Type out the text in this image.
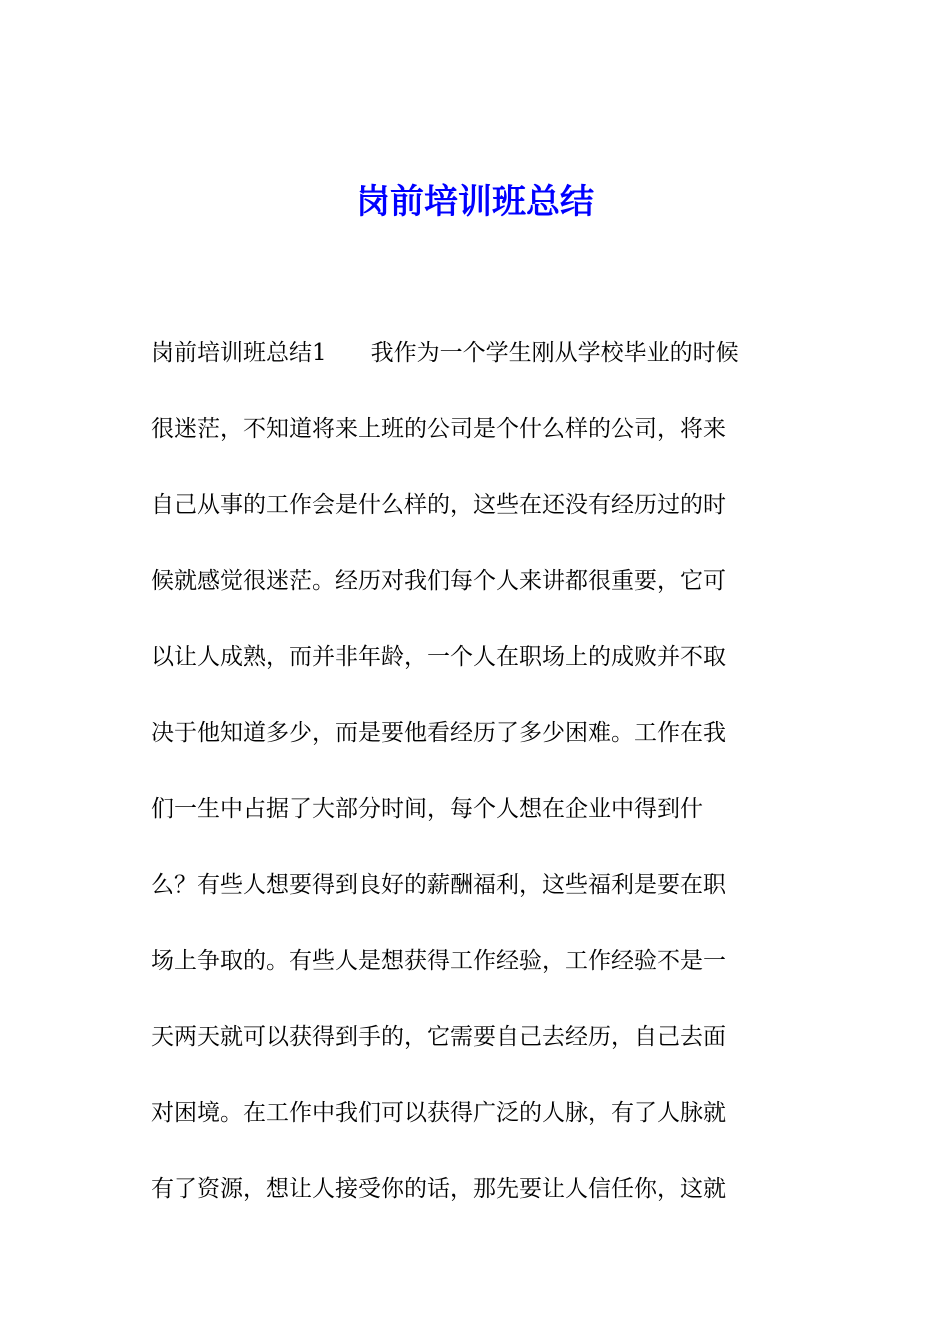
岗前培训班总结
岗前培训班总结1 我作为一个学生刚从学校毕业的时候
很迷茫，不知道将来上班的公司是个什么样的公司，将来
自己从事的工作会是什么样的，这些在还没有经历过的时
候就感觉很迷茫。经历对我们每个人来讲都很重要，它可
以让人成熟，而并非年龄，一个人在职场上的成败并不取
决于他知道多少，而是要他看经历了多少困难。工作在我
们一生中占据了大部分时间，每个人想在企业中得到什
么？有些人想要得到良好的薪酬福利，这些福利是要在职
场上争取的。有些人是想获得工作经验，工作经验不是一
天两天就可以获得到手的，它需要自己去经历，自己去面
对困境。在工作中我们可以获得广泛的人脉，有了人脉就
有了资源，想让人接受你的话，那先要让人信任你，这就
